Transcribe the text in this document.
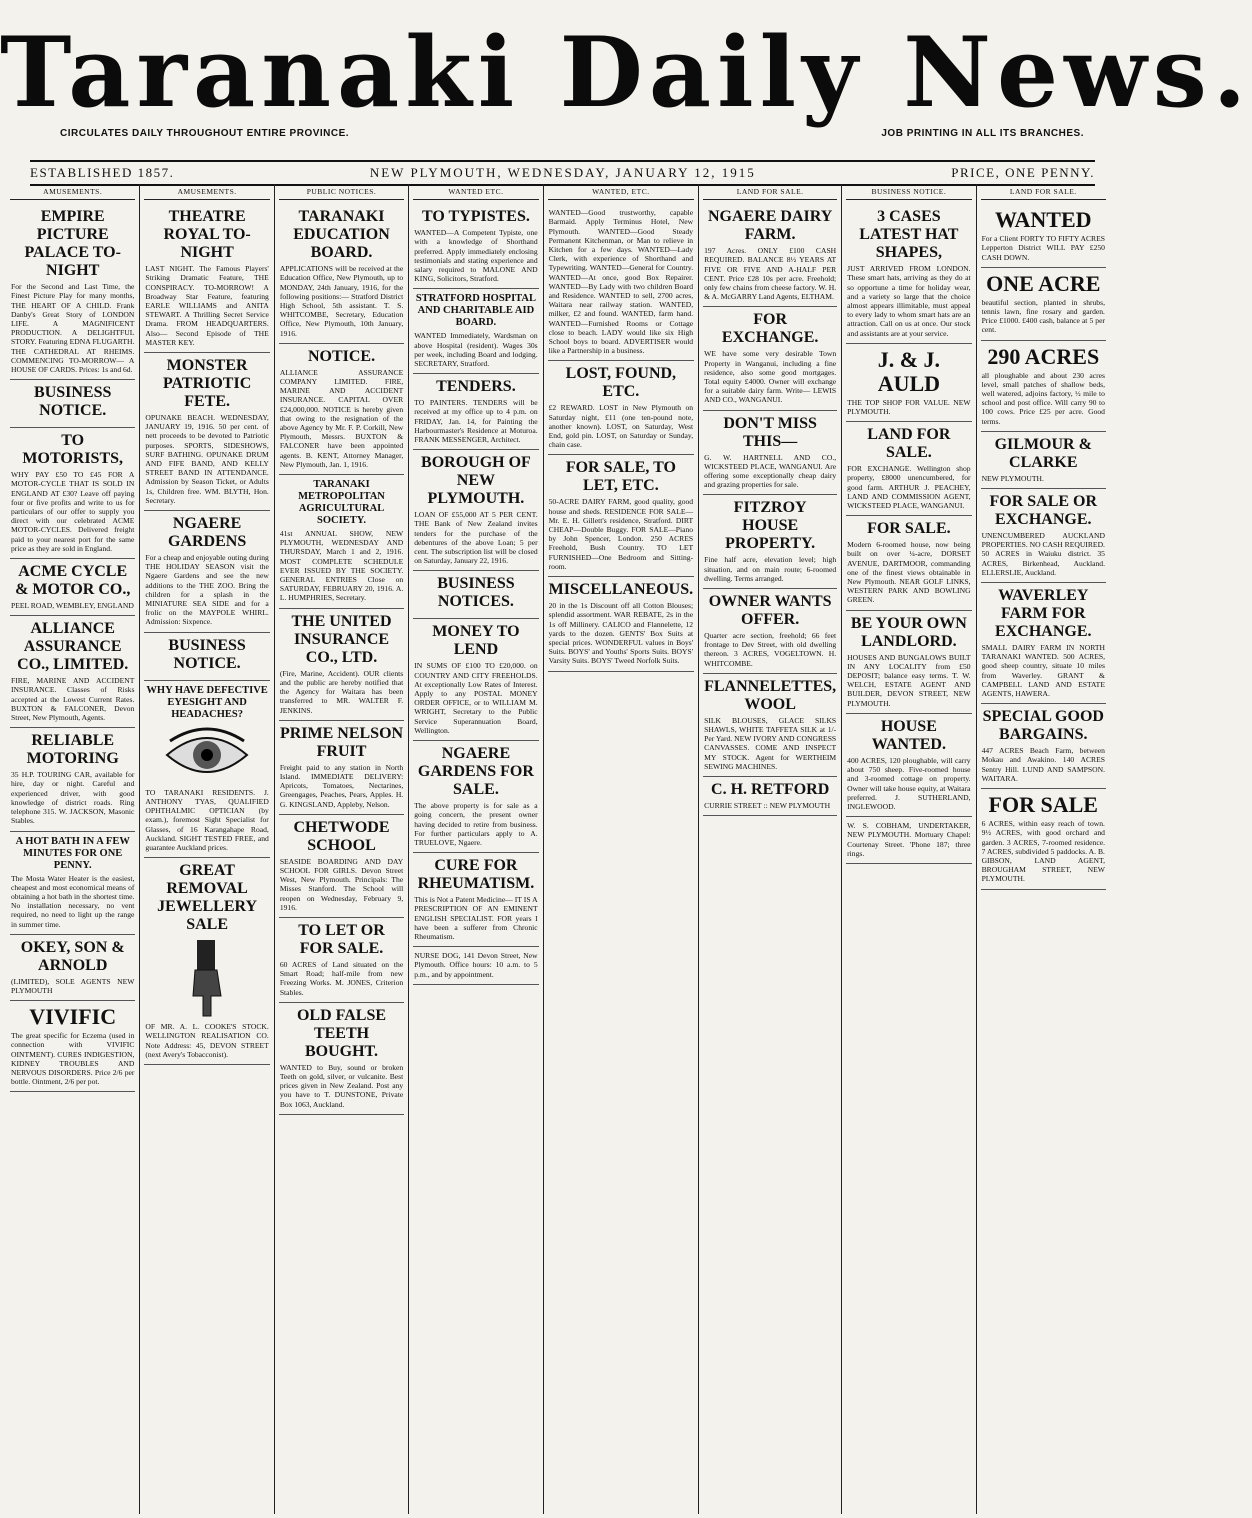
Taranaki Daily News.
CIRCULATES DAILY THROUGHOUT ENTIRE PROVINCE.	JOB PRINTING IN ALL ITS BRANCHES.
ESTABLISHED 1857.	NEW PLYMOUTH, WEDNESDAY, JANUARY 12, 1915	PRICE, ONE PENNY.
AMUSEMENTS.
EMPIRE PICTURE PALACE TO-NIGHT
For the Second and Last Time, the Finest Picture Play for many months, THE HEART OF A CHILD. Frank Danby's Great Story of LONDON LIFE. A MAGNIFICENT PRODUCTION. A DELIGHTFUL STORY. Featuring EDNA FLUGARTH. THE CATHEDRAL AT RHEIMS. COMMENCING TO-MORROW— A HOUSE OF CARDS. Prices: 1s and 6d.
BUSINESS NOTICE.
TO MOTORISTS,
WHY PAY £50 TO £45 FOR A MOTOR-CYCLE THAT IS SOLD IN ENGLAND AT £30? Leave off paying four or five profits and write to us for particulars of our offer to supply you direct with our celebrated ACME MOTOR-CYCLES. Delivered freight paid to your nearest port for the same price as they are sold in England.
ACME CYCLE & MOTOR CO.,
PEEL ROAD, WEMBLEY, ENGLAND
ALLIANCE ASSURANCE CO., LIMITED.
FIRE, MARINE AND ACCIDENT INSURANCE. Classes of Risks accepted at the Lowest Current Rates. BUXTON & FALCONER, Devon Street, New Plymouth, Agents.
RELIABLE MOTORING
35 H.P. TOURING CAR, available for hire, day or night. Careful and experienced driver, with good knowledge of district roads. Ring telephone 315. W. JACKSON, Masonic Stables.
A HOT BATH IN A FEW MINUTES FOR ONE PENNY.
The Mosta Water Heater is the easiest, cheapest and most economical means of obtaining a hot bath in the shortest time. No installation necessary, no vent required, no need to light up the range in summer time.
OKEY, SON & ARNOLD
(LIMITED), SOLE AGENTS NEW PLYMOUTH
VIVIFIC
The great specific for Eczema (used in connection with VIVIFIC OINTMENT). CURES INDIGESTION, KIDNEY TROUBLES AND NERVOUS DISORDERS. Price 2/6 per bottle. Ointment, 2/6 per pot.
AMUSEMENTS.
THEATRE ROYAL TO-NIGHT
LAST NIGHT. The Famous Players' Striking Dramatic Feature, THE CONSPIRACY. TO-MORROW! A Broadway Star Feature, featuring EARLE WILLIAMS and ANITA STEWART. A Thrilling Secret Service Drama. FROM HEADQUARTERS. Also— Second Episode of THE MASTER KEY.
MONSTER PATRIOTIC FETE.
OPUNAKE BEACH. WEDNESDAY, JANUARY 19, 1916. 50 per cent. of nett proceeds to be devoted to Patriotic purposes. SPORTS, SIDESHOWS, SURF BATHING. OPUNAKE DRUM AND FIFE BAND, AND KELLY STREET BAND IN ATTENDANCE. Admission by Season Ticket, or Adults 1s, Children free. WM. BLYTH, Hon. Secretary.
NGAERE GARDENS
For a cheap and enjoyable outing during THE HOLIDAY SEASON visit the Ngaere Gardens and see the new additions to the THE ZOO. Bring the children for a splash in the MINIATURE SEA SIDE and for a frolic on the MAYPOLE WHIRL. Admission: Sixpence.
BUSINESS NOTICE.
WHY HAVE DEFECTIVE EYESIGHT AND HEADACHES?
TO TARANAKI RESIDENTS. J. ANTHONY TYAS, QUALIFIED OPHTHALMIC OPTICIAN (by exam.), foremost Sight Specialist for Glasses, of 16 Karangahape Road, Auckland. SIGHT TESTED FREE, and guarantee Auckland prices.
GREAT REMOVAL JEWELLERY SALE
OF MR. A. L. COOKE'S STOCK. WELLINGTON REALISATION CO. Note Address: 45, DEVON STREET (next Avery's Tobacconist).
PUBLIC NOTICES.
TARANAKI EDUCATION BOARD.
APPLICATIONS will be received at the Education Office, New Plymouth, up to MONDAY, 24th January, 1916, for the following positions:— Stratford District High School, 5th assistant. T. S. WHITCOMBE, Secretary, Education Office, New Plymouth, 10th January, 1916.
NOTICE.
ALLIANCE ASSURANCE COMPANY LIMITED. FIRE, MARINE AND ACCIDENT INSURANCE. CAPITAL OVER £24,000,000. NOTICE is hereby given that owing to the resignation of the above Agency by Mr. F. P. Corkill, New Plymouth, Messrs. BUXTON & FALCONER have been appointed agents. B. KENT, Attorney Manager, New Plymouth, Jan. 1, 1916.
TARANAKI METROPOLITAN AGRICULTURAL SOCIETY.
41st ANNUAL SHOW, NEW PLYMOUTH, WEDNESDAY AND THURSDAY, March 1 and 2, 1916. MOST COMPLETE SCHEDULE EVER ISSUED BY THE SOCIETY. GENERAL ENTRIES Close on SATURDAY, FEBRUARY 20, 1916. A. L. HUMPHRIES, Secretary.
THE UNITED INSURANCE CO., LTD.
(Fire, Marine, Accident). OUR clients and the public are hereby notified that the Agency for Waitara has been transferred to MR. WALTER F. JENKINS.
PRIME NELSON FRUIT
Freight paid to any station in North Island. IMMEDIATE DELIVERY: Apricots, Tomatoes, Nectarines, Greengages, Peaches, Pears, Apples. H. G. KINGSLAND, Appleby, Nelson.
CHETWODE SCHOOL
SEASIDE BOARDING AND DAY SCHOOL FOR GIRLS. Devon Street West, New Plymouth. Principals: The Misses Stanford. The School will reopen on Wednesday, February 9, 1916.
TO LET OR FOR SALE.
60 ACRES of Land situated on the Smart Road; half-mile from new Freezing Works. M. JONES, Criterion Stables.
OLD FALSE TEETH BOUGHT.
WANTED to Buy, sound or broken Teeth on gold, silver, or vulcanite. Best prices given in New Zealand. Post any you have to T. DUNSTONE, Private Box 1063, Auckland.
WANTED ETC.
TO TYPISTES.
WANTED—A Competent Typiste, one with a knowledge of Shorthand preferred. Apply immediately enclosing testimonials and stating experience and salary required to MALONE AND KING, Solicitors, Stratford.
STRATFORD HOSPITAL AND CHARITABLE AID BOARD.
WANTED Immediately, Wardsman on above Hospital (resident). Wages 30s per week, including Board and lodging. SECRETARY, Stratford.
TENDERS.
TO PAINTERS. TENDERS will be received at my office up to 4 p.m. on FRIDAY, Jan. 14, for Painting the Harbourmaster's Residence at Moturoa. FRANK MESSENGER, Architect.
BOROUGH OF NEW PLYMOUTH.
LOAN OF £55,000 AT 5 PER CENT. THE Bank of New Zealand invites tenders for the purchase of the debentures of the above Loan; 5 per cent. The subscription list will be closed on Saturday, January 22, 1916.
BUSINESS NOTICES.
MONEY TO LEND
IN SUMS OF £100 TO £20,000. on COUNTRY AND CITY FREEHOLDS. At exceptionally Low Rates of Interest. Apply to any POSTAL MONEY ORDER OFFICE, or to WILLIAM M. WRIGHT, Secretary to the Public Service Superannuation Board, Wellington.
NGAERE GARDENS FOR SALE.
The above property is for sale as a going concern, the present owner having decided to retire from business. For further particulars apply to A. TRUELOVE, Ngaere.
CURE FOR RHEUMATISM.
This is Not a Patent Medicine— IT IS A PRESCRIPTION OF AN EMINENT ENGLISH SPECIALIST. FOR years I have been a sufferer from Chronic Rheumatism.
NURSE DOG, 141 Devon Street, New Plymouth. Office hours: 10 a.m. to 5 p.m., and by appointment.
WANTED, ETC.
WANTED—Good trustworthy, capable Barmaid. Apply Terminus Hotel, New Plymouth. WANTED—Good Steady Permanent Kitchenman, or Man to relieve in Kitchen for a few days. WANTED—Lady Clerk, with experience of Shorthand and Typewriting. WANTED—General for Country. WANTED—At once, good Box Repairer. WANTED—By Lady with two children Board and Residence. WANTED to sell, 2700 acres, Waitara near railway station. WANTED, milker, £2 and found. WANTED, farm hand. WANTED—Furnished Rooms or Cottage close to beach. LADY would like six High School boys to board. ADVERTISER would like a Partnership in a business.
LOST, FOUND, ETC.
£2 REWARD. LOST in New Plymouth on Saturday night, £11 (one ten-pound note, another known). LOST, on Saturday, West End, gold pin. LOST, on Saturday or Sunday, chain case.
FOR SALE, TO LET, ETC.
50-ACRE DAIRY FARM, good quality, good house and sheds. RESIDENCE FOR SALE—Mr. E. H. Gillett's residence, Stratford. DIRT CHEAP—Double Buggy. FOR SALE—Piano by John Spencer, London. 250 ACRES Freehold, Bush Country. TO LET FURNISHED—One Bedroom and Sitting-room.
MISCELLANEOUS.
20 in the 1s Discount off all Cotton Blouses; splendid assortment. WAR REBATE, 2s in the 1s off Millinery. CALICO and Flannelette, 12 yards to the dozen. GENTS' Box Suits at special prices. WONDERFUL values in Boys' Suits. BOYS' and Youths' Sports Suits. BOYS' Varsity Suits. BOYS' Tweed Norfolk Suits.
LAND FOR SALE.
NGAERE DAIRY FARM.
197 Acres. ONLY £100 CASH REQUIRED. BALANCE 8½ YEARS AT FIVE OR FIVE AND A-HALF PER CENT. Price £28 10s per acre. Freehold; only few chains from cheese factory. W. H. & A. McGARRY Land Agents, ELTHAM.
FOR EXCHANGE.
WE have some very desirable Town Property in Wanganui, including a fine residence, also some good mortgages. Total equity £4000. Owner will exchange for a suitable dairy farm. Write— LEWIS AND CO., WANGANUI.
DON'T MISS THIS—
G. W. HARTNELL AND CO., WICKSTEED PLACE, WANGANUI. Are offering some exceptionally cheap dairy and grazing properties for sale.
FITZROY HOUSE PROPERTY.
Fine half acre, elevation level; high situation, and on main route; 6-roomed dwelling. Terms arranged.
OWNER WANTS OFFER.
Quarter acre section, freehold; 66 feet frontage to Dev Street, with old dwelling thereon. 3 ACRES, VOGELTOWN. H. WHITCOMBE.
FLANNELETTES, WOOL
SILK BLOUSES, GLACE SILKS SHAWLS, WHITE TAFFETA SILK at 1/- Per Yard. NEW IVORY AND CONGRESS CANVASSES. COME AND INSPECT MY STOCK. Agent for WERTHEIM SEWING MACHINES.
C. H. RETFORD
CURRIE STREET :: NEW PLYMOUTH
BUSINESS NOTICE.
3 CASES LATEST HAT SHAPES,
JUST ARRIVED FROM LONDON. These smart hats, arriving as they do at so opportune a time for holiday wear, and a variety so large that the choice almost appears illimitable, must appeal to every lady to whom smart hats are an attraction. Call on us at once. Our stock and assistants are at your service.
J. & J. AULD
THE TOP SHOP FOR VALUE. NEW PLYMOUTH.
LAND FOR SALE.
FOR EXCHANGE. Wellington shop property, £8000 unencumbered, for good farm. ARTHUR J. PEACHEY, LAND AND COMMISSION AGENT, WICKSTEED PLACE, WANGANUI.
FOR SALE.
Modern 6-roomed house, now being built on over ¼-acre, DORSET AVENUE, DARTMOOR, commanding one of the finest views obtainable in New Plymouth. NEAR GOLF LINKS, WESTERN PARK AND BOWLING GREEN.
BE YOUR OWN LANDLORD.
HOUSES AND BUNGALOWS BUILT IN ANY LOCALITY from £50 DEPOSIT; balance easy terms. T. W. WELCH, ESTATE AGENT AND BUILDER, DEVON STREET, NEW PLYMOUTH.
HOUSE WANTED.
400 ACRES, 120 ploughable, will carry about 750 sheep. Five-roomed house and 3-roomed cottage on property. Owner will take house equity, at Waitara preferred. J. SUTHERLAND, INGLEWOOD.
W. S. COBHAM, UNDERTAKER, NEW PLYMOUTH. Mortuary Chapel: Courtenay Street. 'Phone 187; three rings.
LAND FOR SALE.
WANTED
For a Client FORTY TO FIFTY ACRES Lepperton District WILL PAY £250 CASH DOWN.
ONE ACRE
beautiful section, planted in shrubs, tennis lawn, fine rosary and garden. Price £1000. £400 cash, balance at 5 per cent.
290 ACRES
all ploughable and about 230 acres level, small patches of shallow beds, well watered, adjoins factory, ½ mile to school and post office. Will carry 90 to 100 cows. Price £25 per acre. Good terms.
GILMOUR & CLARKE
NEW PLYMOUTH.
FOR SALE OR EXCHANGE.
UNENCUMBERED AUCKLAND PROPERTIES. NO CASH REQUIRED. 50 ACRES in Waiuku district. 35 ACRES, Birkenhead, Auckland. ELLERSLIE, Auckland.
WAVERLEY FARM FOR EXCHANGE.
SMALL DAIRY FARM IN NORTH TARANAKI WANTED. 500 ACRES, good sheep country, situate 10 miles from Waverley. GRANT & CAMPBELL LAND AND ESTATE AGENTS, HAWERA.
SPECIAL GOOD BARGAINS.
447 ACRES Beach Farm, between Mokau and Awakino. 140 ACRES Sentry Hill. LUND AND SAMPSON. WAITARA.
FOR SALE
6 ACRES, within easy reach of town. 9½ ACRES, with good orchard and garden. 3 ACRES, 7-roomed residence. 7 ACRES, subdivided 5 paddocks. A. B. GIBSON, LAND AGENT, BROUGHAM STREET, NEW PLYMOUTH.
